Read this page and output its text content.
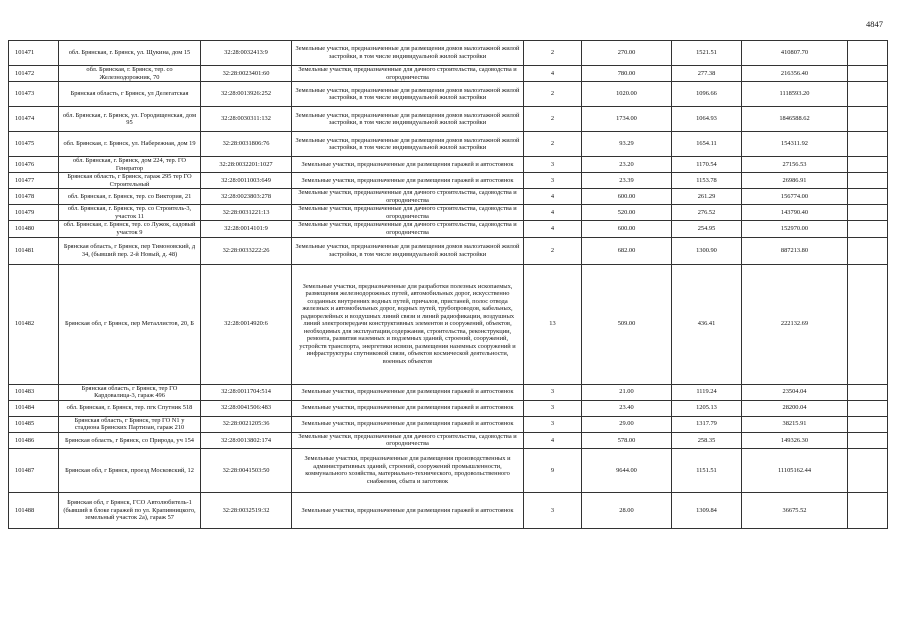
4847
101471	обл. Брянская, г. Брянск, ул. Щукина, дом 15	32:28:0032413:9	Земельные участки, предназначенные для размещения домов малоэтажной жилой застройки, в том числе индивидуальной жилой застройки	2	270.00	1521.51	410807.70	
101472	обл. Брянская, г. Брянск, тер. со Железнодорожник, 70	32:28:0023401:60	Земельные участки, предназначенные для дачного строительства, садоводства и огородничества	4	780.00	277.38	216356.40	
101473	Брянская область, г Брянск, ул Делегатская	32:28:0013926:252	Земельные участки, предназначенные для размещения домов малоэтажной жилой застройки, в том числе индивидуальной жилой застройки	2	1020.00	1096.66	1118593.20	
101474	обл. Брянская, г. Брянск, ул. Городищенская, дом 95	32:28:0030311:132	Земельные участки, предназначенные для размещения домов малоэтажной жилой застройки, в том числе индивидуальной жилой застройки	2	1734.00	1064.93	1846588.62	
101475	обл. Брянская, г. Брянск, ул. Набережная, дом 19	32:28:0031806:76	Земельные участки, предназначенные для размещения домов малоэтажной жилой застройки, в том числе индивидуальной жилой застройки	2	93.29	1654.11	154311.92	
101476	обл. Брянская, г. Брянск, дом 224, тер. ГО Генератор	32:28:0032201:1027	Земельные участки, предназначенные для размещения гаражей и автостоянок	3	23.20	1170.54	27156.53	
101477	Брянская область, г Брянск, гараж 295 тер ГО Строительный	32:28:0011003:649	Земельные участки, предназначенные для размещения гаражей и автостоянок	3	23.39	1153.78	26986.91	
101478	обл. Брянская, г. Брянск, тер. со Виктория, 21	32:28:0023803:278	Земельные участки, предназначенные для дачного строительства, садоводства и огородничества	4	600.00	261.29	156774.00	
101479	обл. Брянская, г. Брянск, тер. со Строитель-3, участок 11	32:28:0031221:13	Земельные участки, предназначенные для дачного строительства, садоводства и огородничества	4	520.00	276.52	143790.40	
101480	обл. Брянская, г. Брянск, тер. со Лужок, садовый участок 9	32:28:0014101:9	Земельные участки, предназначенные для дачного строительства, садоводства и огородничества	4	600.00	254.95	152970.00	
101481	Брянская область, г Брянск, пер Тимоновский, д 34, (бывший пер. 2-й Новый, д. 48)	32:28:0033222:26	Земельные участки, предназначенные для размещения домов малоэтажной жилой застройки, в том числе индивидуальной жилой застройки	2	682.00	1300.90	887213.80	
101482	Брянская обл, г Брянск, пер Металлистов, 20, Б	32:28:0014920:6	Земельные участки, предназначенные для разработки полезных ископаемых, размещения железнодорожных путей, автомобильных дорог, искусственно созданных внутренних водных путей, причалов, пристаней, полос отвода железных и автомобильных дорог, водных путей, трубопроводов, кабельных, радиорелейных и воздушных линий связи и линий радиофикации, воздушных линий электропередачи конструктивных элементов и сооружений, объектов, необходимых для эксплуатации,содержания, строительства, реконструкции, ремонта, развития наземных и подземных зданий, строений, сооружений, устройств транспорта, энергетики исвязи, размещения наземных сооружений и инфраструктуры спутниковой связи, объектов космической деятельности, военных объектов	13	509.00	436.41	222132.69	
101483	Брянская область, г Брянск, тер ГО Кардовалица-3, гараж 496	32:28:0011704:514	Земельные участки, предназначенные для размещения гаражей и автостоянок	3	21.00	1119.24	23504.04	
101484	обл. Брянская, г. Брянск, тер. пгк Спутник 518	32:28:0041506:483	Земельные участки, предназначенные для размещения гаражей и автостоянок	3	23.40	1205.13	28200.04	
101485	Брянская область, г Брянск, тер ГО N1 у стадиона Брянских Партизан, гараж 210	32:28:0021205:36	Земельные участки, предназначенные для размещения гаражей и автостоянок	3	29.00	1317.79	38215.91	
101486	Брянская область, г Брянск, со Природа, уч 154	32:28:0013802:174	Земельные участки, предназначенные для дачного строительства, садоводства и огородничества	4	578.00	258.35	149326.30	
101487	Брянская обл, г Брянск, проезд Московский, 12	32:28:0041503:50	Земельные участки, предназначенные для размещения производственных и административных зданий, строений, сооружений промышленности, коммунального хозяйства, материально-технического, продовольственного снабжения, сбыта и заготовок	9	9644.00	1151.51	11105162.44	
101488	Брянская обл, г Брянск, ГСО Автолюбитель-1 (бывший в блоке гаражей по ул. Крапивницкого, земельный участок 2а), гараж 57	32:28:0032519:32	Земельные участки, предназначенные для размещения гаражей и автостоянок	3	28.00	1309.84	36675.52	
